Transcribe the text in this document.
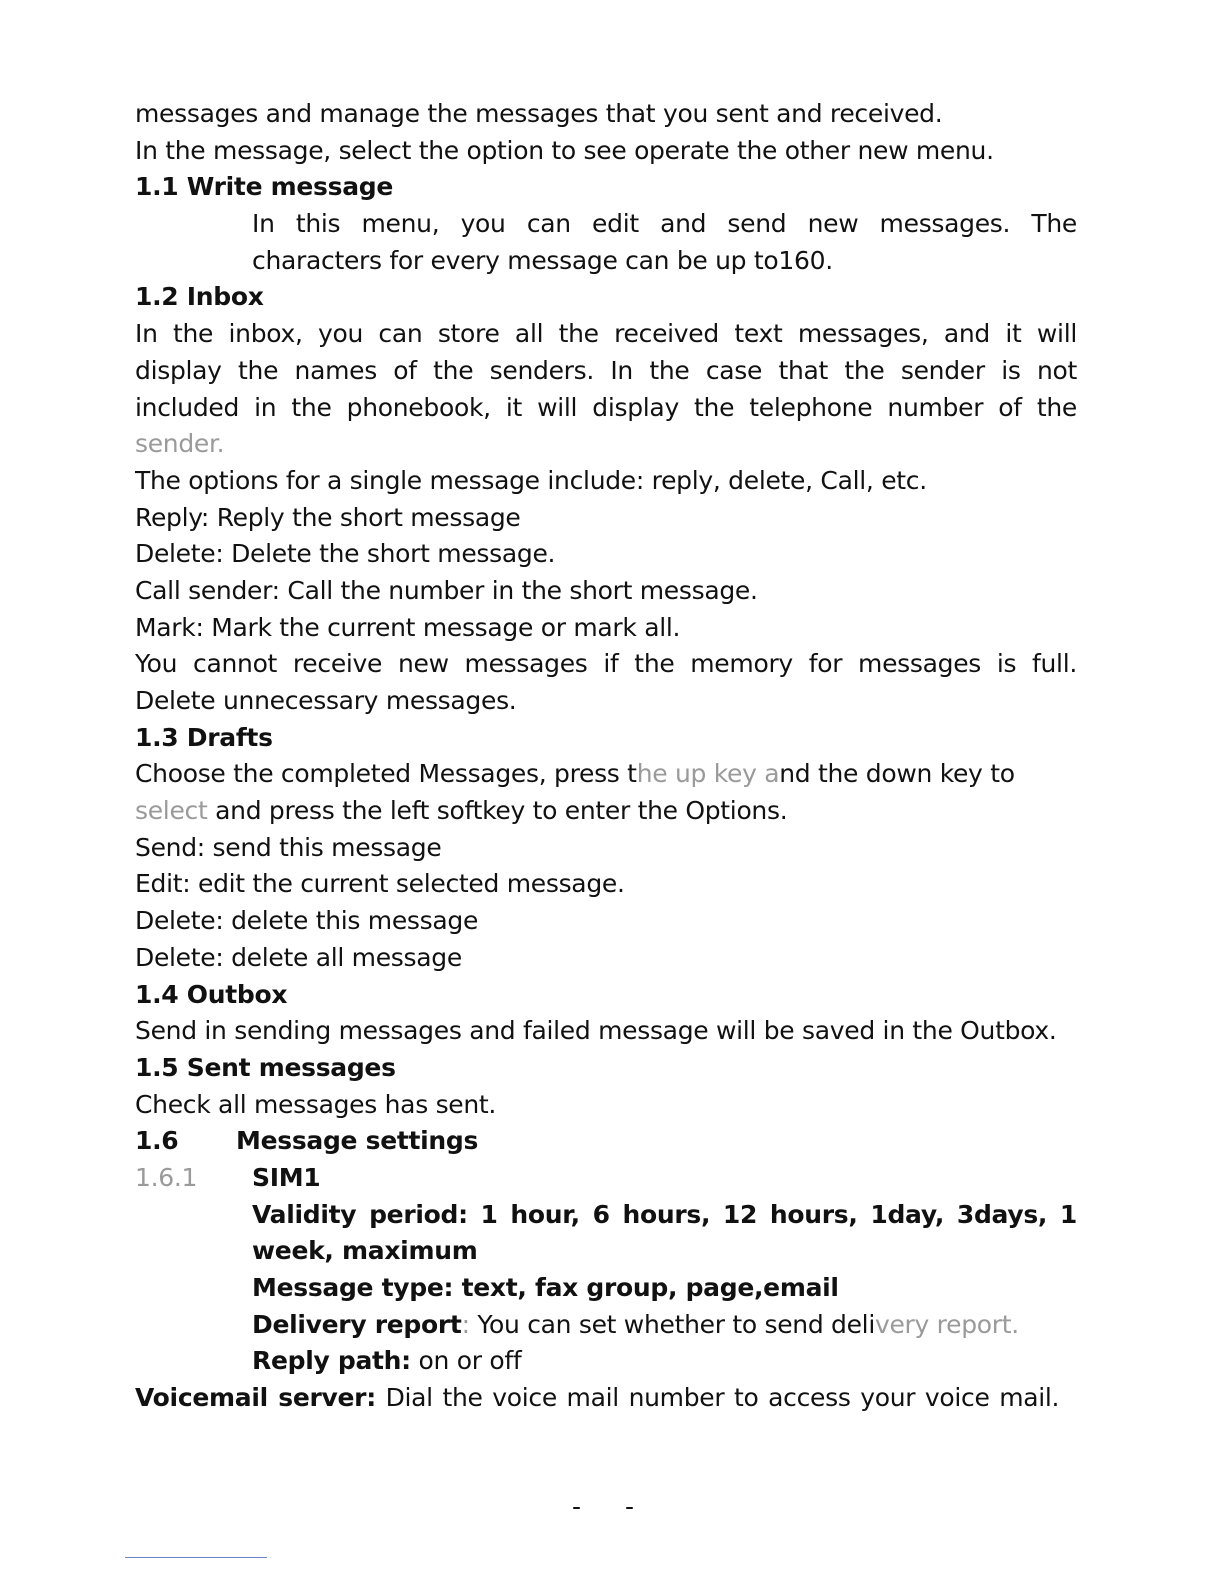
messages and manage the messages that you sent and received.
In the message, select the option to see operate the other new menu.
1.1 Write message
In this menu, you can edit and send new messages. The
characters for every message can be up to160.
1.2 Inbox
In the inbox, you can store all the received text messages, and it will
display the names of the senders. In the case that the sender is not
included in the phonebook, it will display the telephone number of the
sender.
The options for a single message include: reply, delete, Call, etc.
Reply: Reply the short message
Delete: Delete the short message.
Call sender: Call the number in the short message.
Mark: Mark the current message or mark all.
You cannot receive new messages if the memory for messages is full.
Delete unnecessary messages.
1.3 Drafts
Choose the completed Messages, press the up key and the down key to
select and press the left softkey to enter the Options.
Send: send this message
Edit: edit the current selected message.
Delete: delete this message
Delete: delete all message
1.4 Outbox
Send in sending messages and failed message will be saved in the Outbox.
1.5 Sent messages
Check all messages has sent.
1.6 Message settings
1.6.1 SIM1
Validity period: 1 hour, 6 hours, 12 hours, 1day, 3days, 1
week, maximum
Message type: text, fax group, page,email
Delivery report: You can set whether to send delivery report.
Reply path: on or off
Voicemail server: Dial the voice mail number to access your voice mail.
- -
